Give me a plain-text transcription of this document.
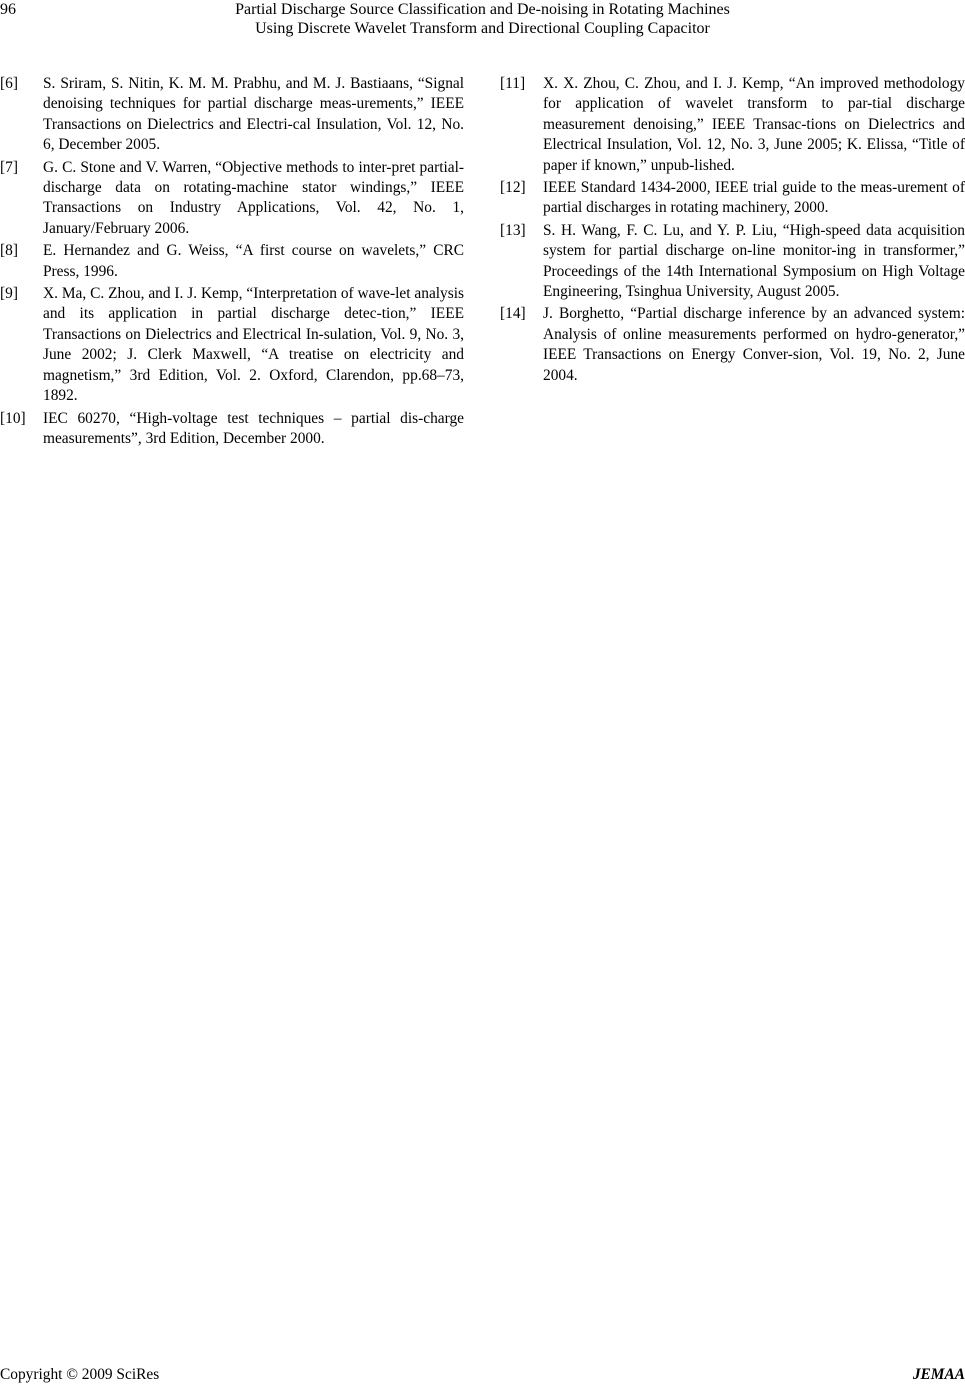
96	Partial Discharge Source Classification and De-noising in Rotating Machines
Using Discrete Wavelet Transform and Directional Coupling Capacitor
[6] S. Sriram, S. Nitin, K. M. M. Prabhu, and M. J. Bastiaans, “Signal denoising techniques for partial discharge meas-urements,” IEEE Transactions on Dielectrics and Electri-cal Insulation, Vol. 12, No. 6, December 2005.
[7] G. C. Stone and V. Warren, “Objective methods to inter-pret partial-discharge data on rotating-machine stator windings,” IEEE Transactions on Industry Applications, Vol. 42, No. 1, January/February 2006.
[8] E. Hernandez and G. Weiss, “A first course on wavelets,” CRC Press, 1996.
[9] X. Ma, C. Zhou, and I. J. Kemp, “Interpretation of wave-let analysis and its application in partial discharge detec-tion,” IEEE Transactions on Dielectrics and Electrical In-sulation, Vol. 9, No. 3, June 2002; J. Clerk Maxwell, “A treatise on electricity and magnetism,” 3rd Edition, Vol. 2. Oxford, Clarendon, pp.68–73, 1892.
[10] IEC 60270, “High-voltage test techniques – partial dis-charge measurements”, 3rd Edition, December 2000.
[11] X. X. Zhou, C. Zhou, and I. J. Kemp, “An improved methodology for application of wavelet transform to par-tial discharge measurement denoising,” IEEE Transac-tions on Dielectrics and Electrical Insulation, Vol. 12, No. 3, June 2005; K. Elissa, “Title of paper if known,” unpub-lished.
[12] IEEE Standard 1434-2000, IEEE trial guide to the meas-urement of partial discharges in rotating machinery, 2000.
[13] S. H. Wang, F. C. Lu, and Y. P. Liu, “High-speed data acquisition system for partial discharge on-line monitor-ing in transformer,” Proceedings of the 14th International Symposium on High Voltage Engineering, Tsinghua University, August 2005.
[14] J. Borghetto, “Partial discharge inference by an advanced system: Analysis of online measurements performed on hydro-generator,” IEEE Transactions on Energy Conver-sion, Vol. 19, No. 2, June 2004.
Copyright © 2009 SciRes	JEMAA
